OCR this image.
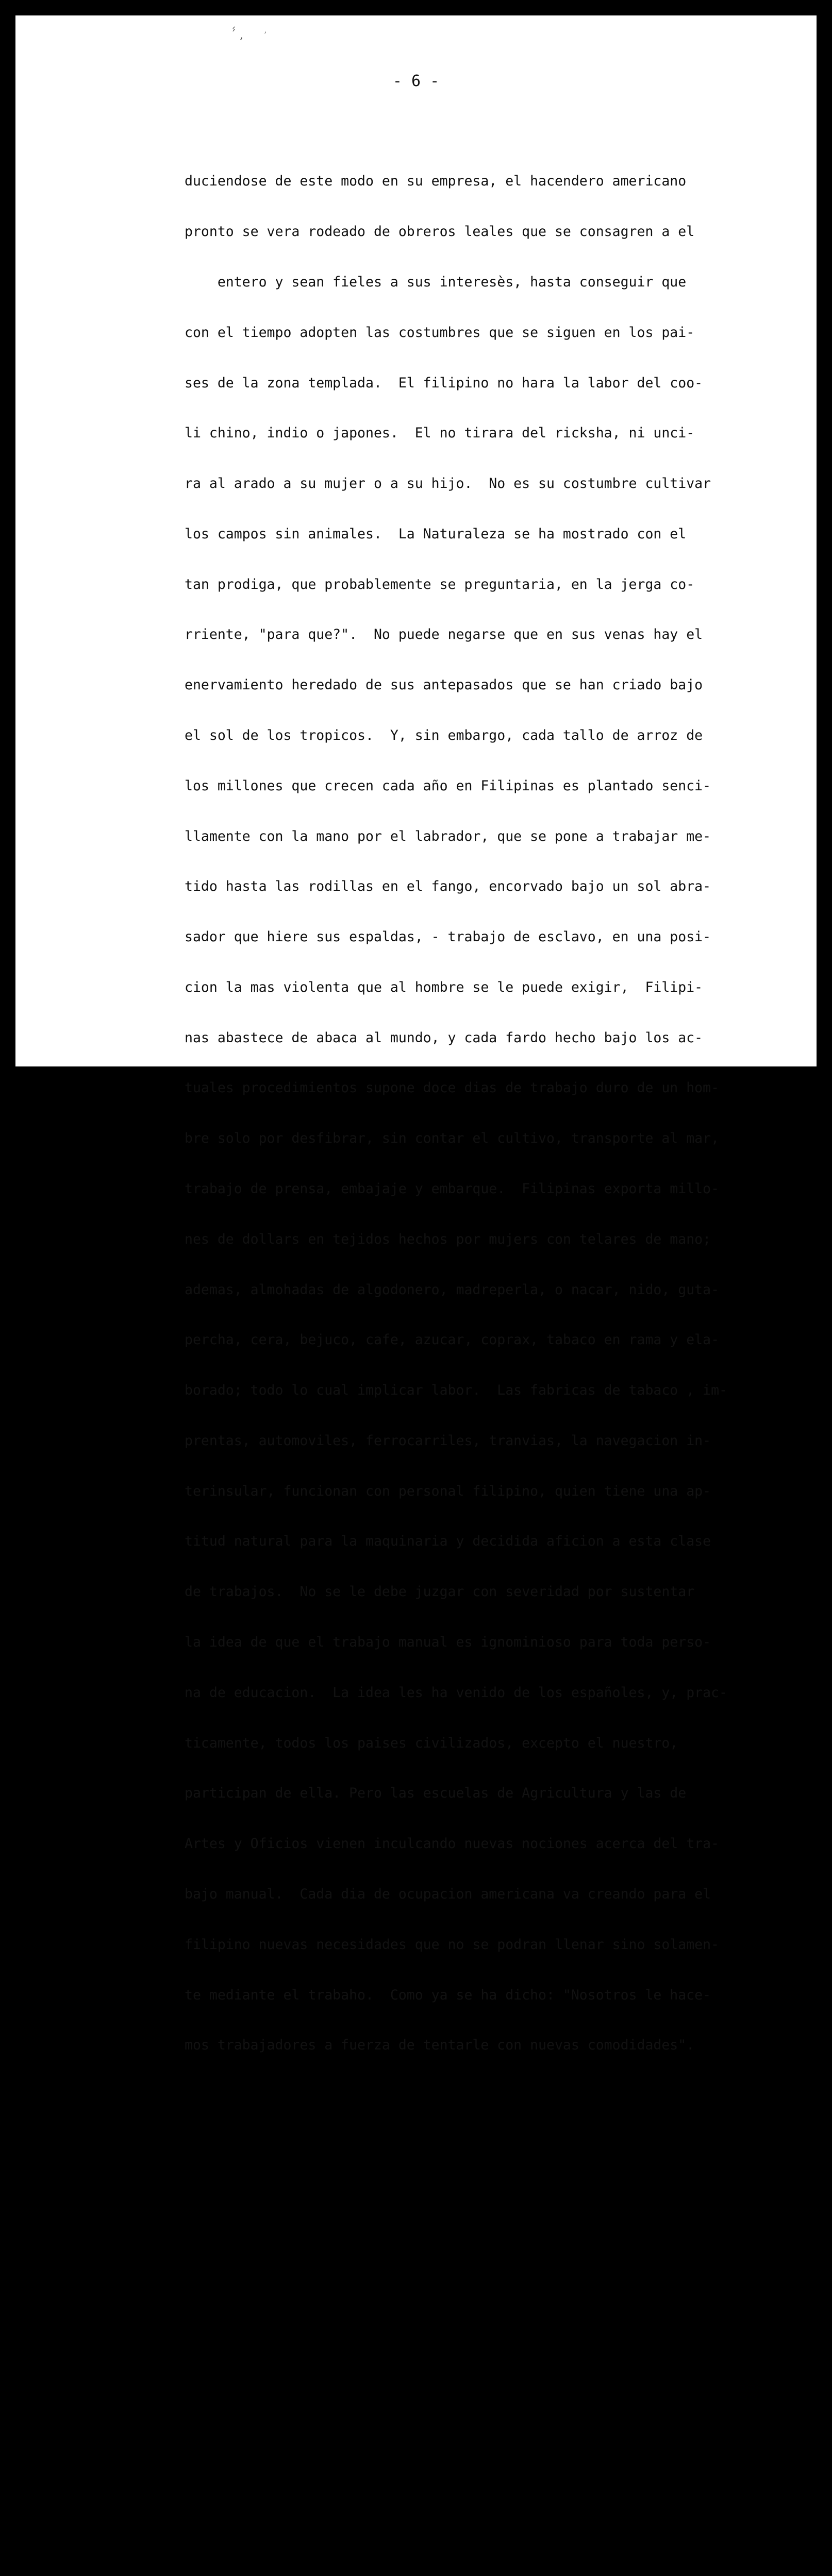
́́ ,	’
- 6 -

duciendose de este modo en su empresa, el hacendero americano

pronto se vera rodeado de obreros leales que se consagren a el

entero y sean fieles a sus interesès, hasta conseguir que

con el tiempo adopten las costumbres que se siguen en los pai-

ses de la zona templada.  El filipino no hara la labor del coo-

li chino, indio o japones.  El no tirara del ricksha, ni unci-

ra al arado a su mujer o a su hijo.  No es su costumbre cultivar

los campos sin animales.  La Naturaleza se ha mostrado con el

tan prodiga, que probablemente se preguntaria, en la jerga co-

rriente, "para que?".  No puede negarse que en sus venas hay el

enervamiento heredado de sus antepasados que se han criado bajo

el sol de los tropicos.  Y, sin embargo, cada tallo de arroz de

los millones que crecen cada año en Filipinas es plantado senci-

llamente con la mano por el labrador, que se pone a trabajar me-

tido hasta las rodillas en el fango, encorvado bajo un sol abra-

sador que hiere sus espaldas, - trabajo de esclavo, en una posi-

cion la mas violenta que al hombre se le puede exigir,  Filipi-

nas abastece de abaca al mundo, y cada fardo hecho bajo los ac-

tuales procedimientos supone doce dias de trabajo duro de un hom-

bre solo por desfibrar, sin contar el cultivo, transporte al mar,

trabajo de prensa, embajaje y embarque.  Filipinas exporta millo-

nes de dollars en tejidos hechos por mujers con telares de mano;

ademas, almohadas de algodonero, madreperla, o nacar, nido, guta-

percha, cera, bejuco, cafe, azucar, coprax, tabaco en rama y ela-

borado; todo lo cual implicar labor.  Las fabricas de tabaco , im-

prentas, automoviles, ferrocarriles, tranvias, la navegacion in-

terinsular, funcionan con personal filipino, quien tiene una ap-

titud natural para la maquinaria y decidida aficion a esta clase

de trabajos.  No se le debe juzgar con severidad por sustentar

la idea de que el trabajo manual es ignominioso para toda perso-

na de educacion.  La idea les ha venido de los españoles, y, prac-

ticamente, todos los paises civilizados, excepto el nuestro,

participan de ella. Pero las escuelas de Agricultura y las de

Artes y Oficios vienen inculcando nuevas nociones acerca del tra-

bajo manual.  Cada dia de ocupacion americana va creando para el

filipino nuevas necesidades que no se podran llenar sino solamen-

te mediante el trabaho.  Como ya se ha dicho: "Nosotros le hace-

mos trabajadores a fuerza de tentarle con nuevas comodidades".

Como anfirrion es cuando el filipino se muestra en su inmen-

sa superioridad.  No hay ninguno, pobre o rico, civilizado o in-

culto, que no reciba con el alma al extranjero que entra en su

casa.  Su hospitalidad es tradicional.  Sea que os brinde una

cama artisticamente tallada en una vetusta y señorial mansion,

sea que os de un jergon y un sitio entre su familia sobre el sue-

mejor voluntad os da lo mejor que tiene, sacrificando en ello,
